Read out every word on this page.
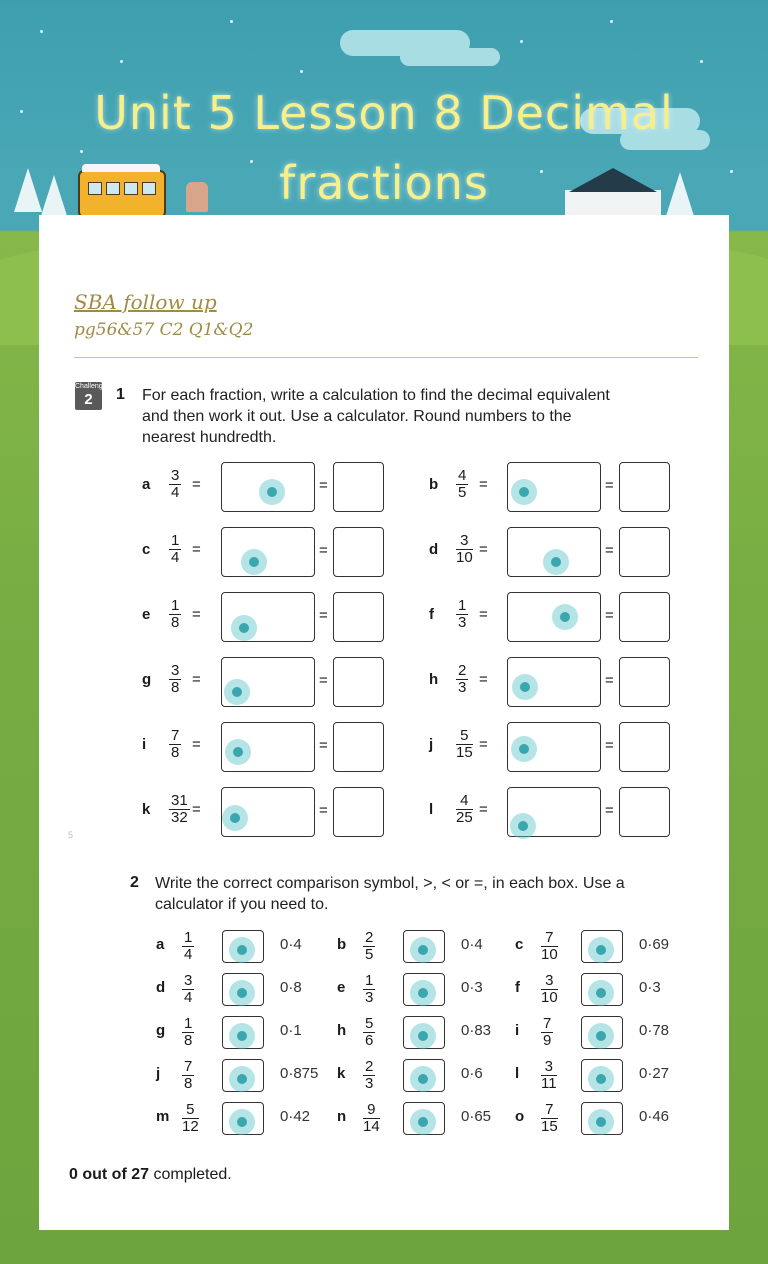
Unit 5 Lesson 8 Decimal fractions
SBA follow up
pg56&57 C2 Q1&Q2
Challenge
2	1 For each fraction, write a calculation to find the decimal equivalent
and then work it out. Use a calculator. Round numbers to the
nearest hundredth.
a $\frac{3}{4}$ =	=	b $\frac{4}{5}$ =	=
c $\frac{1}{4}$ =	=	d $\frac{3}{10}$ =	=
e $\frac{1}{8}$ =	=	f $\frac{1}{3}$ =	=
g $\frac{3}{8}$ =	=	h $\frac{2}{3}$ =	=
i $\frac{7}{8}$ =	=	j $\frac{5}{15}$ =	=
k $\frac{31}{32}$ =	=	l $\frac{4}{25}$ =	=
2 Write the correct comparison symbol, >, < or =, in each box. Use a
calculator if you need to.
a $\frac{1}{4}$	0·4 b $\frac{2}{5}$	0·4 c $\frac{7}{10}$	0·69
d $\frac{3}{4}$	0·8 e $\frac{1}{3}$	0·3 f $\frac{3}{10}$	0·3
g $\frac{1}{8}$	0·1 h $\frac{5}{6}$	0·83 i $\frac{7}{9}$	0·78
j $\frac{7}{8}$	0·875 k $\frac{2}{3}$	0·6 l $\frac{3}{11}$	0·27
m $\frac{5}{12}$	0·42 n $\frac{9}{14}$	0·65 o $\frac{7}{15}$	0·46
5
0 out of 27 completed.
